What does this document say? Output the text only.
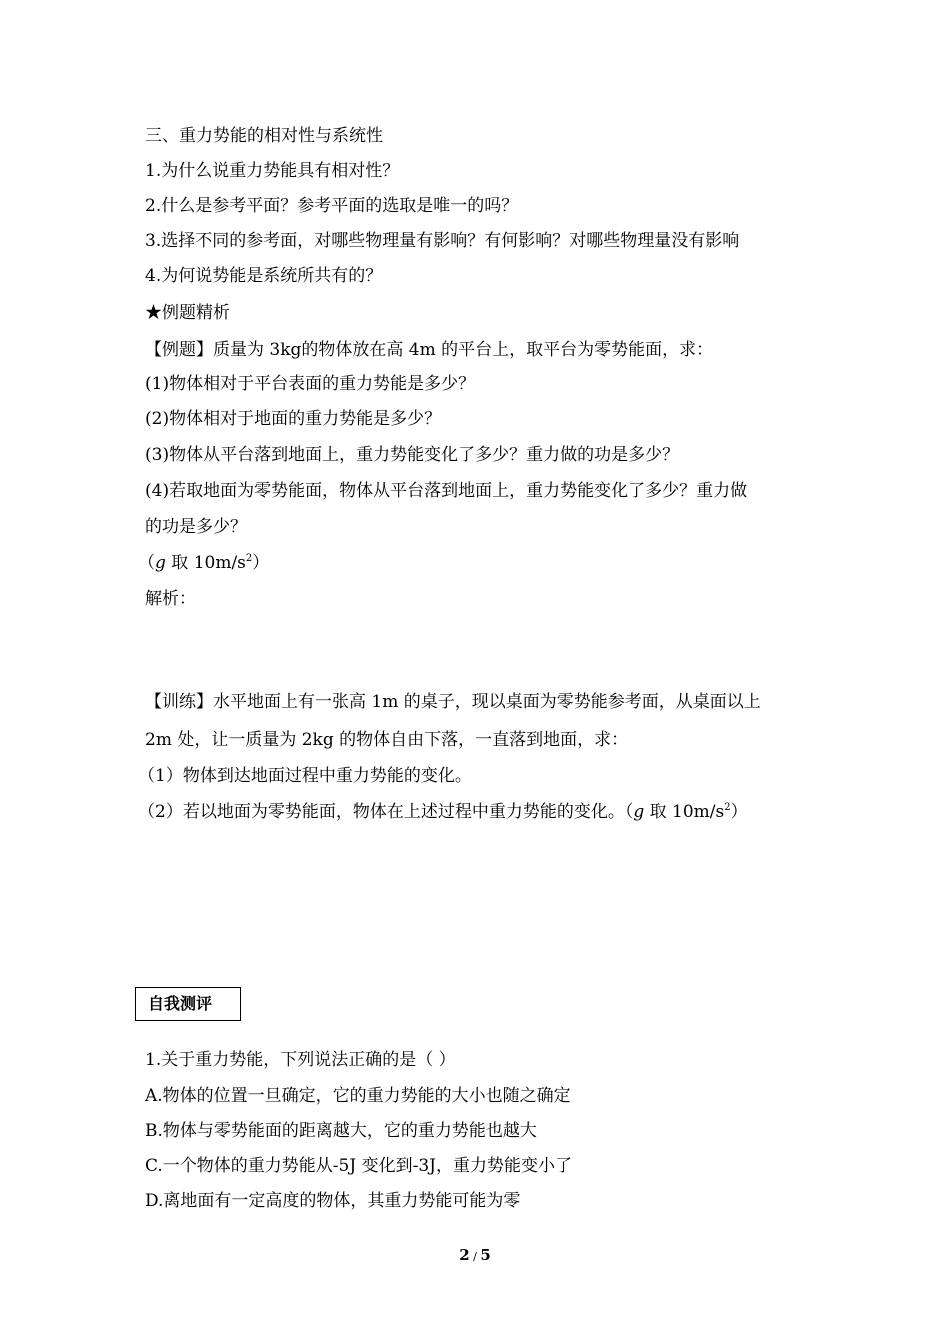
三、重力势能的相对性与系统性
1.为什么说重力势能具有相对性？
2.什么是参考平面？参考平面的选取是唯一的吗？
3.选择不同的参考面，对哪些物理量有影响？有何影响？对哪些物理量没有影响
4.为何说势能是系统所共有的？
★例题精析
【例题】质量为 3kg的物体放在高 4m 的平台上，取平台为零势能面，求：
(1)物体相对于平台表面的重力势能是多少？
(2)物体相对于地面的重力势能是多少？
(3)物体从平台落到地面上，重力势能变化了多少？重力做的功是多少？
(4)若取地面为零势能面，物体从平台落到地面上，重力势能变化了多少？重力做
的功是多少？
（g 取 $10m/s^2$）
解析：
【训练】水平地面上有一张高 1m 的桌子，现以桌面为零势能参考面，从桌面以上
2m 处，让一质量为 2kg 的物体自由下落，一直落到地面，求：
（1）物体到达地面过程中重力势能的变化。
（2）若以地面为零势能面，物体在上述过程中重力势能的变化。（g 取 $10m/s^2$）
自我测评
1.关于重力势能，下列说法正确的是（ ）
A.物体的位置一旦确定，它的重力势能的大小也随之确定
B.物体与零势能面的距离越大，它的重力势能也越大
C.一个物体的重力势能从-5J 变化到-3J，重力势能变小了
D.离地面有一定高度的物体，其重力势能可能为零
2 / 5
